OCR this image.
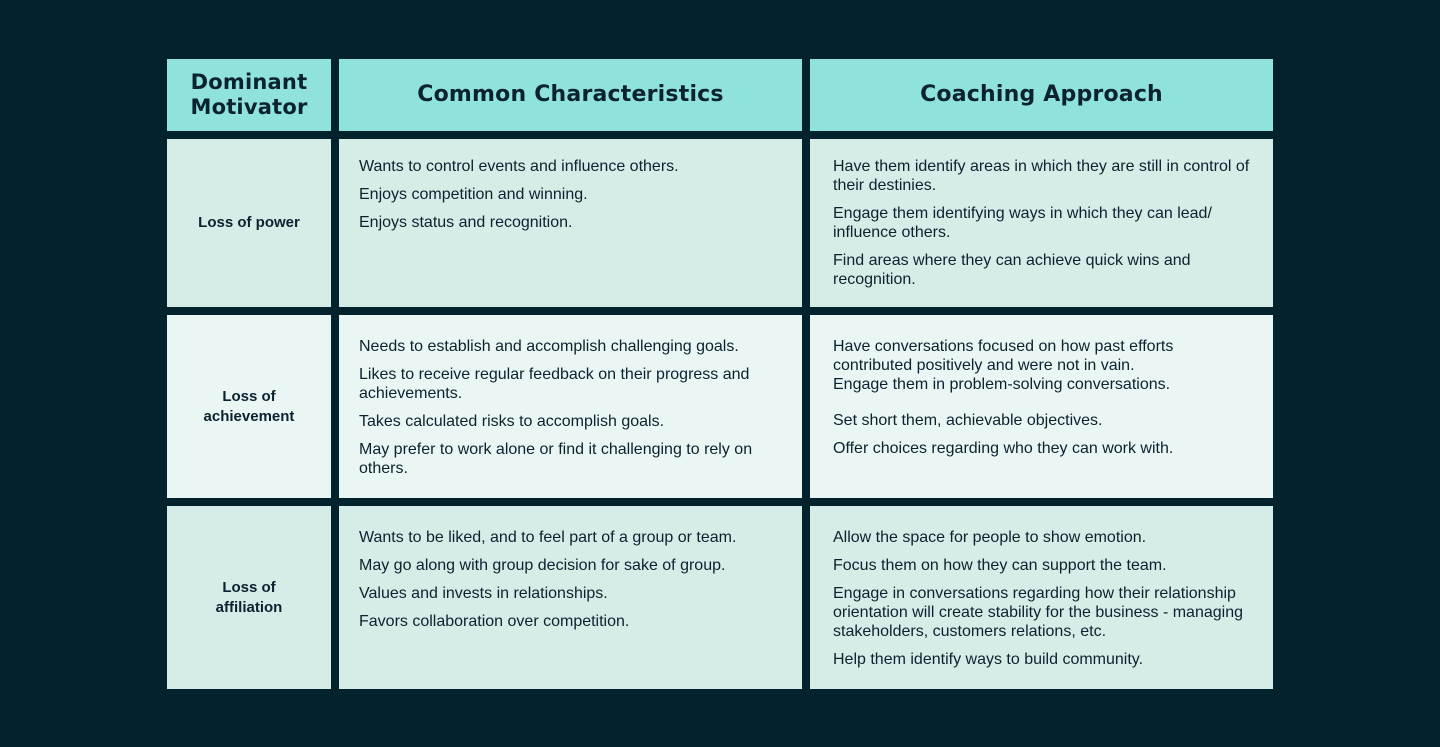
Dominant Motivator	Common Characteristics	Coaching Approach
Loss of power

Wants to control events and influence others.

Enjoys competition and winning.

Enjoys status and recognition.

Have them identify areas in which they are still in control of their destinies.

Engage them identifying ways in which they can lead/ influence others.

Find areas where they can achieve quick wins and recognition.

Loss of achievement

Needs to establish and accomplish challenging goals.

Likes to receive regular feedback on their progress and achievements.

Takes calculated risks to accomplish goals.

May prefer to work alone or find it challenging to rely on others.

Have conversations focused on how past efforts contributed positively and were not in vain.

Engage them in problem-solving conversations.

Set short them, achievable objectives.

Offer choices regarding who they can work with.

Loss of affiliation

Wants to be liked, and to feel part of a group or team.

May go along with group decision for sake of group.

Values and invests in relationships.

Favors collaboration over competition.

Allow the space for people to show emotion.

Focus them on how they can support the team.

Engage in conversations regarding how their relationship orientation will create stability for the business - managing stakeholders, customers relations, etc.

Help them identify ways to build community.
